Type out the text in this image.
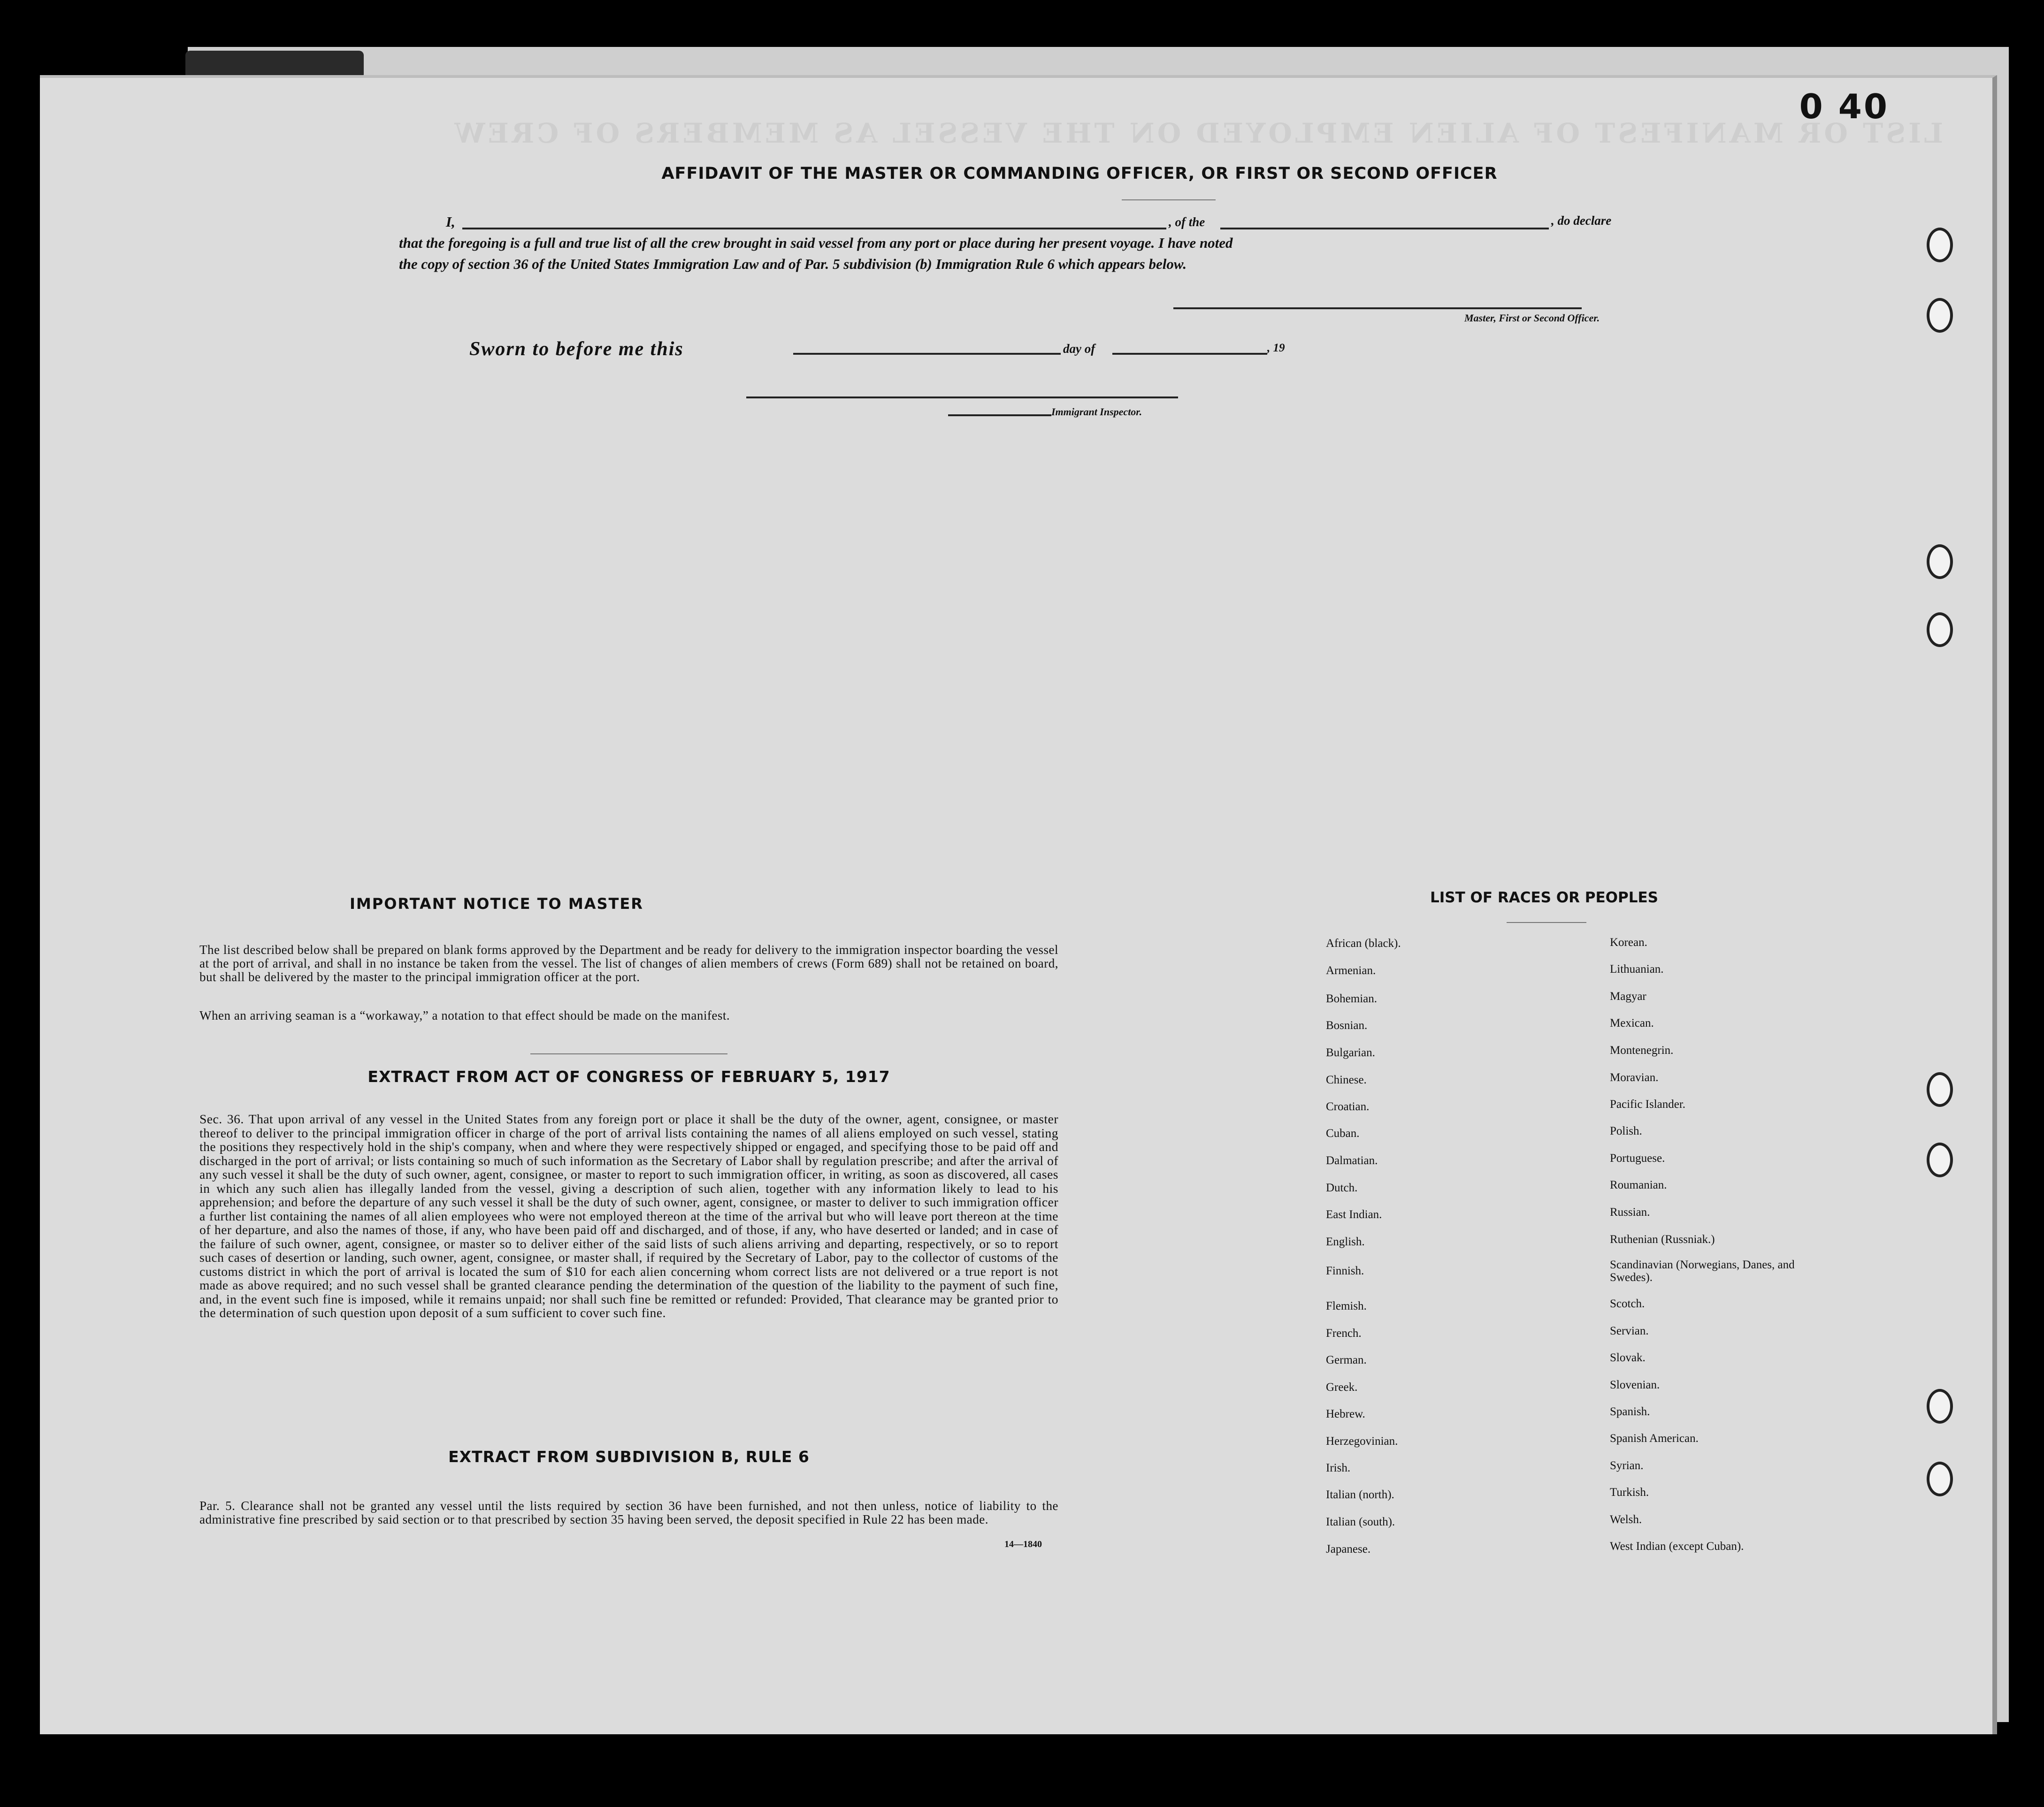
LIST OR MANIFEST OF ALIEN EMPLOYED ON THE VESSEL AS MEMBERS OF CREW
0 40
AFFIDAVIT OF THE MASTER OR COMMANDING OFFICER, OR FIRST OR SECOND OFFICER
I,	, of the	, do declare
that the foregoing is a full and true list of all the crew brought in said vessel from any port or place during her present voyage. I have noted
the copy of section 36 of the United States Immigration Law and of Par. 5 subdivision (b) Immigration Rule 6 which appears below.
Master, First or Second Officer.
Sworn to before me this	day of	, 19
Immigrant Inspector.
IMPORTANT NOTICE TO MASTER
The list described below shall be prepared on blank forms approved by the Department and be ready for delivery to the immigration inspector boarding the vessel at the port of arrival, and shall in no instance be taken from the vessel. The list of changes of alien members of crews (Form 689) shall not be retained on board, but shall be delivered by the master to the principal immigration officer at the port.
When an arriving seaman is a “workaway,” a notation to that effect should be made on the manifest.
EXTRACT FROM ACT OF CONGRESS OF FEBRUARY 5, 1917
Sec. 36. That upon arrival of any vessel in the United States from any foreign port or place it shall be the duty of the owner, agent, consignee, or master thereof to deliver to the principal immigration officer in charge of the port of arrival lists containing the names of all aliens employed on such vessel, stating the positions they respectively hold in the ship's company, when and where they were respectively shipped or engaged, and specifying those to be paid off and discharged in the port of arrival; or lists containing so much of such information as the Secretary of Labor shall by regulation prescribe; and after the arrival of any such vessel it shall be the duty of such owner, agent, consignee, or master to report to such immigration officer, in writing, as soon as discovered, all cases in which any such alien has illegally landed from the vessel, giving a description of such alien, together with any information likely to lead to his apprehension; and before the departure of any such vessel it shall be the duty of such owner, agent, consignee, or master to deliver to such immigration officer a further list containing the names of all alien employees who were not employed thereon at the time of the arrival but who will leave port thereon at the time of her departure, and also the names of those, if any, who have been paid off and discharged, and of those, if any, who have deserted or landed; and in case of the failure of such owner, agent, consignee, or master so to deliver either of the said lists of such aliens arriving and departing, respectively, or so to report such cases of desertion or landing, such owner, agent, consignee, or master shall, if required by the Secretary of Labor, pay to the collector of customs of the customs district in which the port of arrival is located the sum of $10 for each alien concerning whom correct lists are not delivered or a true report is not made as above required; and no such vessel shall be granted clearance pending the determination of the question of the liability to the payment of such fine, and, in the event such fine is imposed, while it remains unpaid; nor shall such fine be remitted or refunded: Provided, That clearance may be granted prior to the determination of such question upon deposit of a sum sufficient to cover such fine.
EXTRACT FROM SUBDIVISION B, RULE 6
Par. 5. Clearance shall not be granted any vessel until the lists required by section 36 have been furnished, and not then unless, notice of liability to the administrative fine prescribed by said section or to that prescribed by section 35 having been served, the deposit specified in Rule 22 has been made.
14—1840
LIST OF RACES OR PEOPLES
African (black).
Armenian.
Bohemian.
Bosnian.
Bulgarian.
Chinese.
Croatian.
Cuban.
Dalmatian.
Dutch.
East Indian.
English.
Finnish.
Flemish.
French.
German.
Greek.
Hebrew.
Herzegovinian.
Irish.
Italian (north).
Italian (south).
Japanese.
Korean.
Lithuanian.
Magyar
Mexican.
Montenegrin.
Moravian.
Pacific Islander.
Polish.
Portuguese.
Roumanian.
Russian.
Ruthenian (Russniak.)
Scandinavian (Norwegians, Danes, and Swedes).
Scotch.
Servian.
Slovak.
Slovenian.
Spanish.
Spanish American.
Syrian.
Turkish.
Welsh.
West Indian (except Cuban).
